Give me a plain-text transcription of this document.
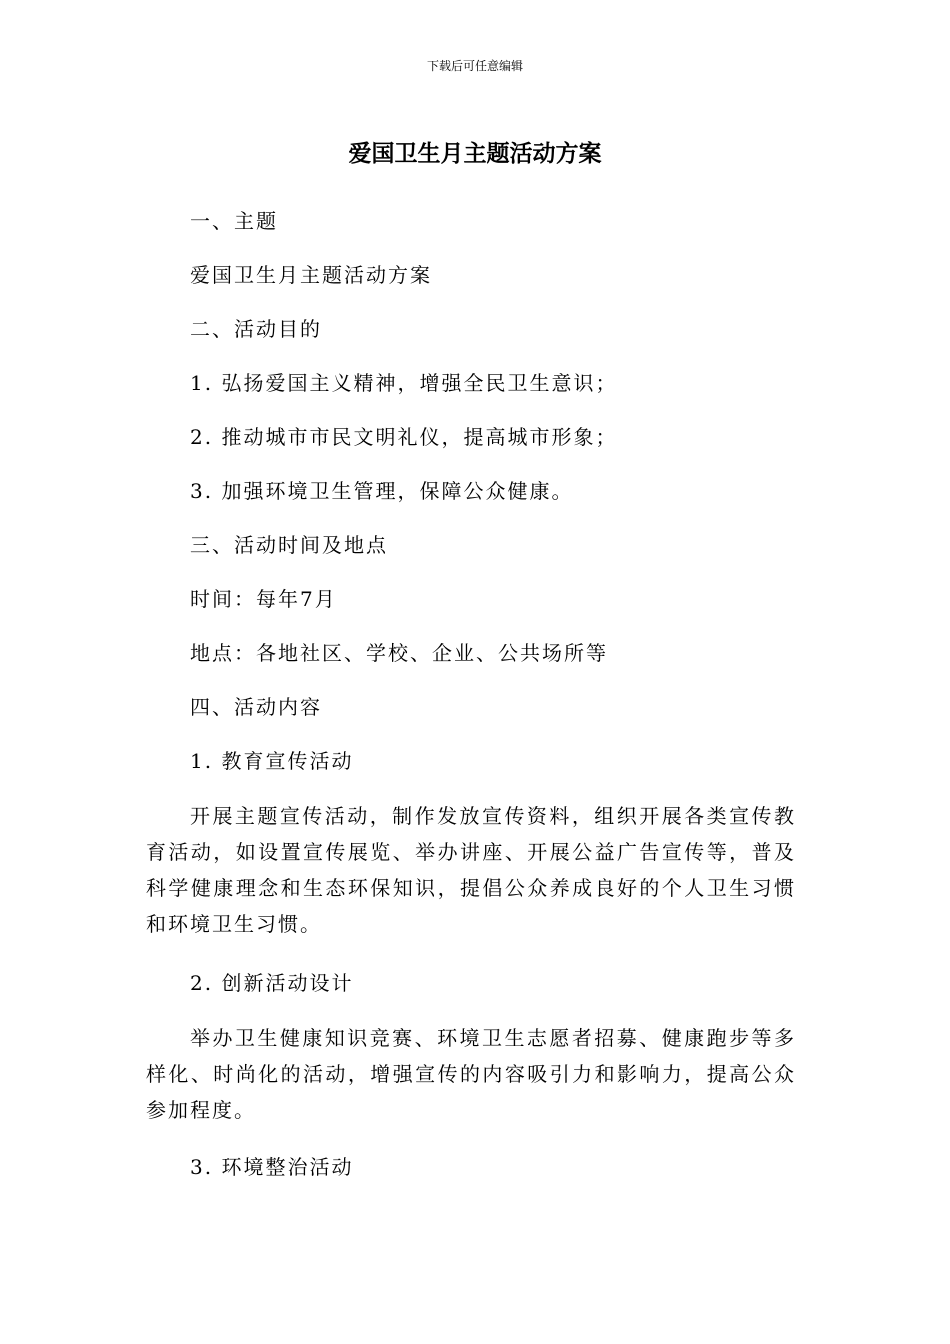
下载后可任意编辑
爱国卫生月主题活动方案
一、主题
爱国卫生月主题活动方案
二、活动目的
1. 弘扬爱国主义精神，增强全民卫生意识；
2. 推动城市市民文明礼仪，提高城市形象；
3. 加强环境卫生管理，保障公众健康。
三、活动时间及地点
时间：每年7月
地点：各地社区、学校、企业、公共场所等
四、活动内容
1. 教育宣传活动
开展主题宣传活动，制作发放宣传资料，组织开展各类宣传教育活动，如设置宣传展览、举办讲座、开展公益广告宣传等，普及科学健康理念和生态环保知识，提倡公众养成良好的个人卫生习惯和环境卫生习惯。
2. 创新活动设计
举办卫生健康知识竞赛、环境卫生志愿者招募、健康跑步等多样化、时尚化的活动，增强宣传的内容吸引力和影响力，提高公众参加程度。
3. 环境整治活动
